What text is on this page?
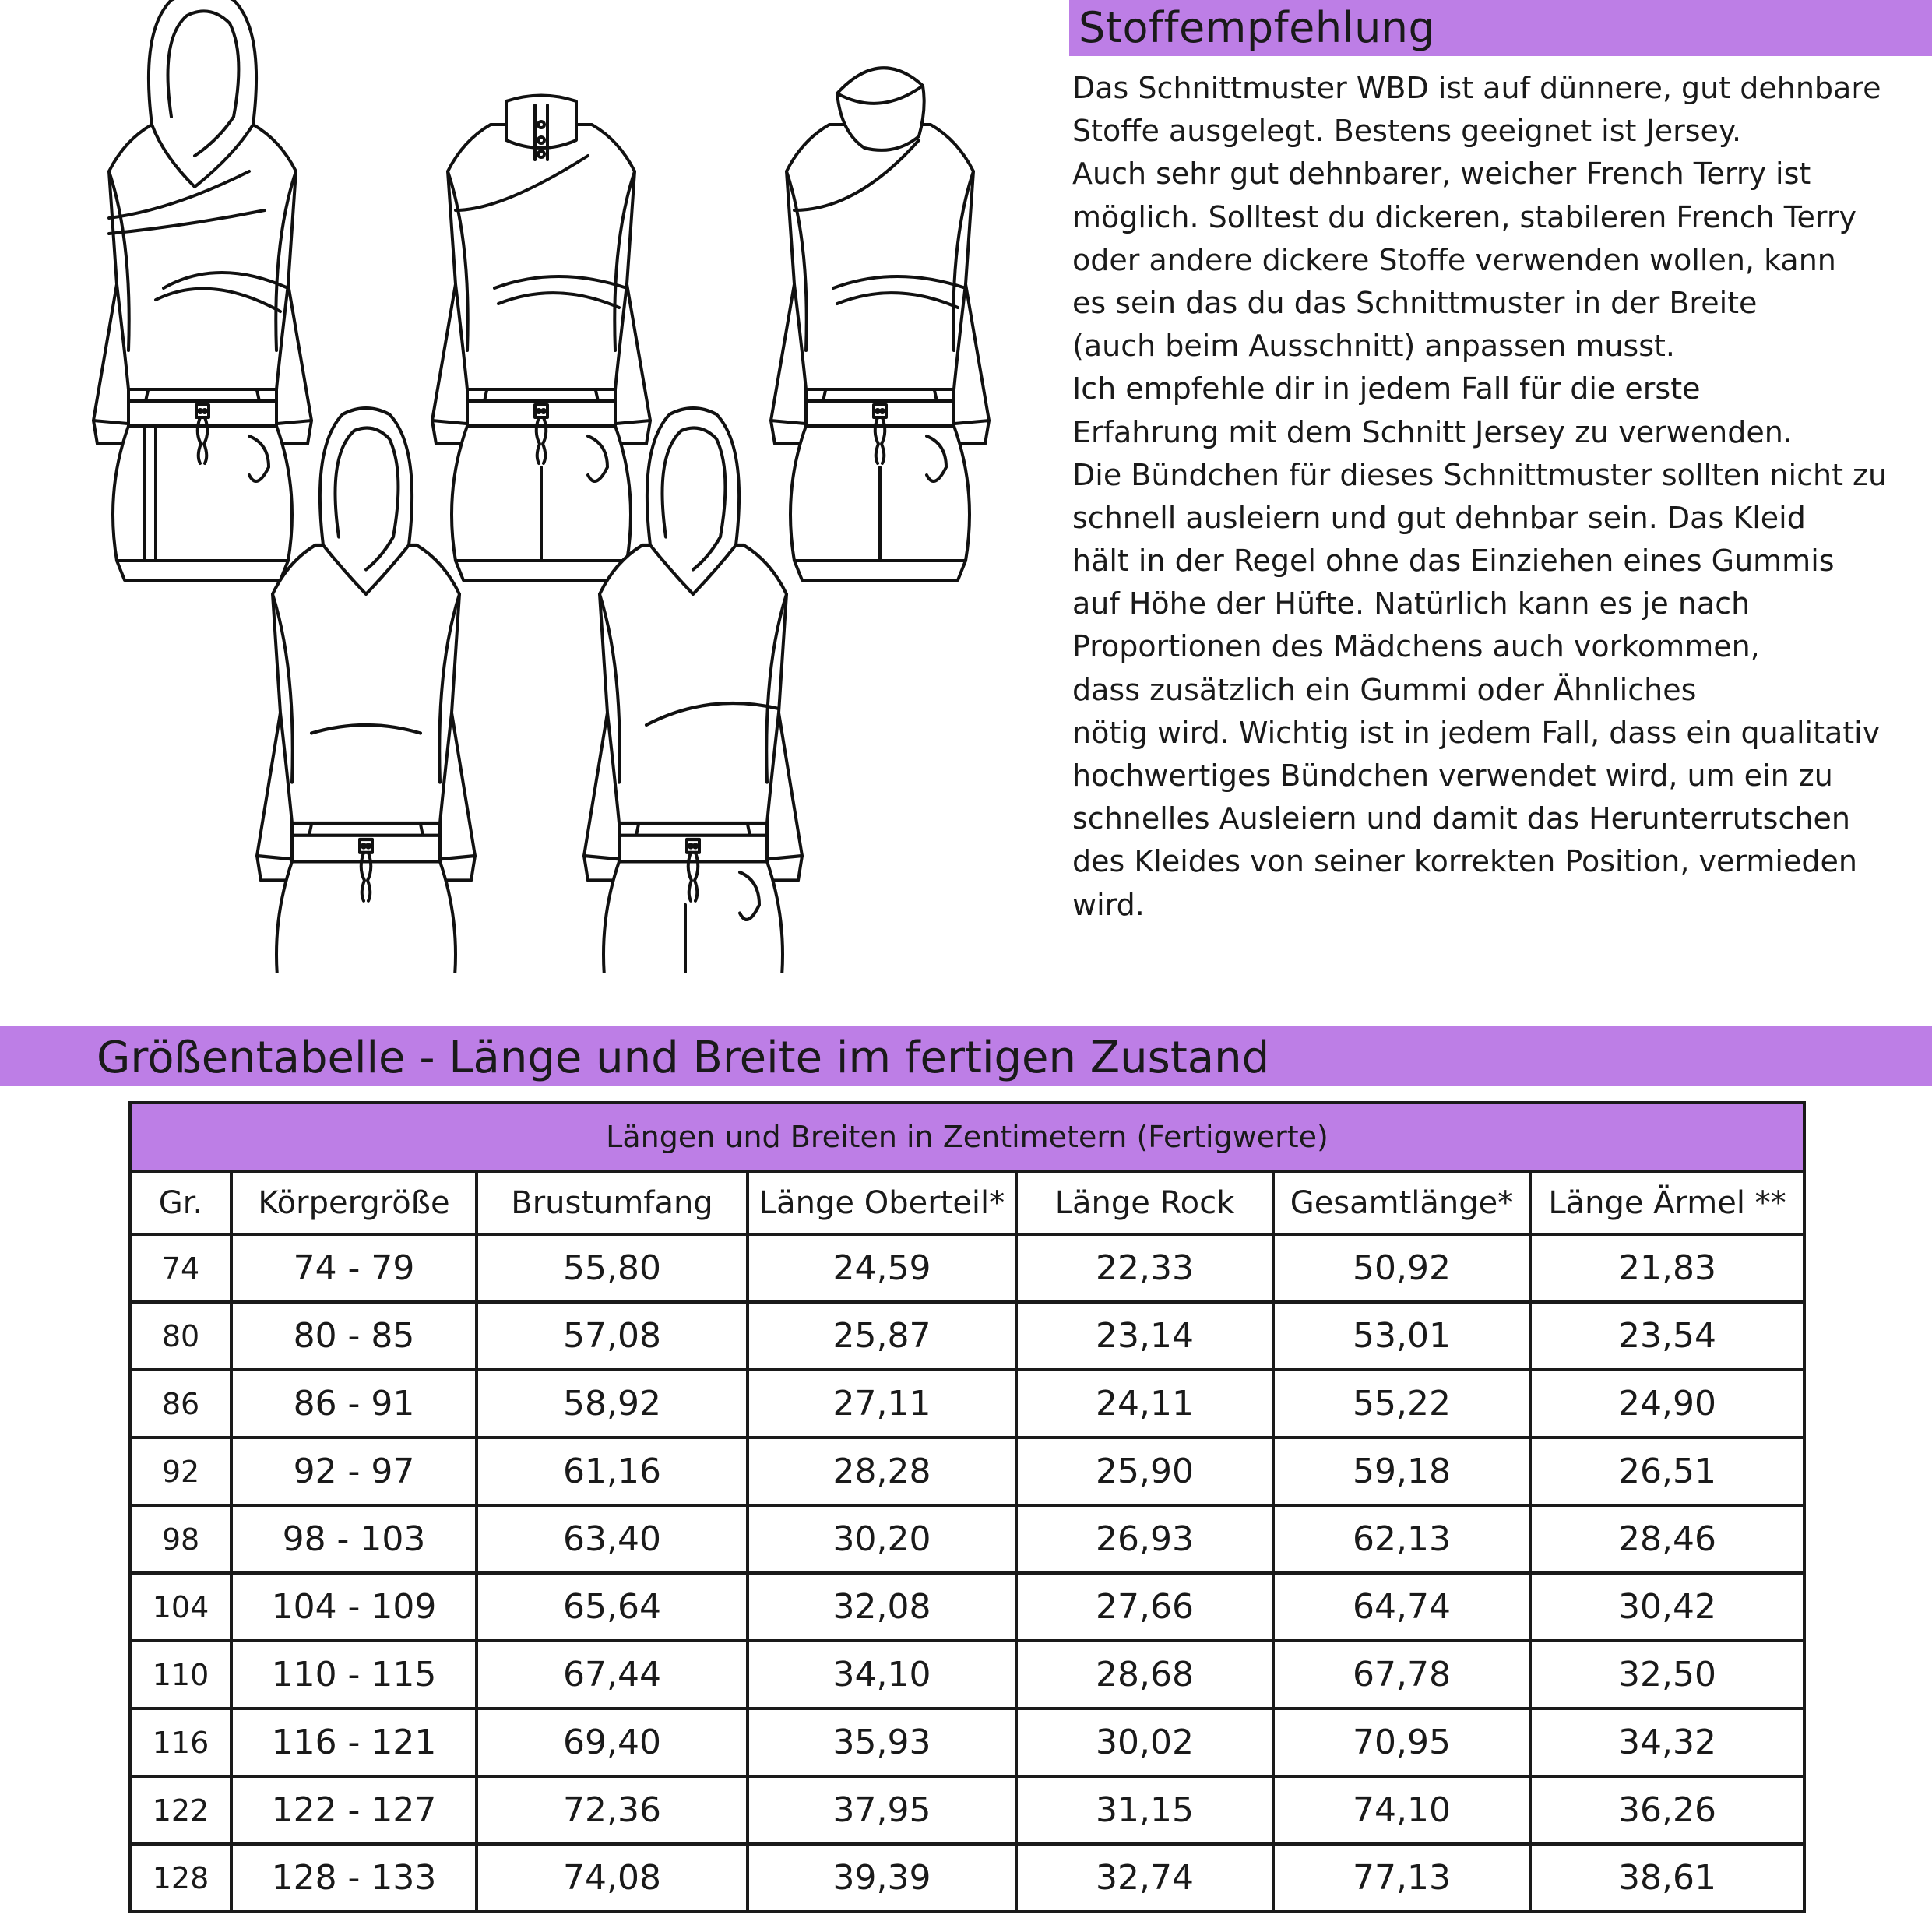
Stoffempfehlung
Das Schnittmuster WBD ist auf dünnere, gut dehnbare
Stoffe ausgelegt. Bestens geeignet ist Jersey.
Auch sehr gut dehnbarer, weicher French Terry ist
möglich. Solltest du dickeren, stabileren French Terry
oder andere dickere Stoffe verwenden wollen, kann
es sein das du das Schnittmuster in der Breite
(auch beim Ausschnitt) anpassen musst.
Ich empfehle dir in jedem Fall für die erste
Erfahrung mit dem Schnitt Jersey zu verwenden.
Die Bündchen für dieses Schnittmuster sollten nicht zu
schnell ausleiern und gut dehnbar sein. Das Kleid
hält in der Regel ohne das Einziehen eines Gummis
auf Höhe der Hüfte. Natürlich kann es je nach
Proportionen des Mädchens auch vorkommen,
dass zusätzlich ein Gummi oder Ähnliches
nötig wird. Wichtig ist in jedem Fall, dass ein qualitativ
hochwertiges Bündchen verwendet wird, um ein zu
schnelles Ausleiern und damit das Herunterrutschen
des Kleides von seiner korrekten Position, vermieden
wird.
Größentabelle - Länge und Breite im fertigen Zustand
Längen und Breiten in Zentimetern (Fertigwerte)						
Gr.	Körpergröße	Brustumfang	Länge Oberteil*	Länge Rock	Gesamtlänge*	Länge Ärmel **
74	74 - 79	55,80	24,59	22,33	50,92	21,83
80	80 - 85	57,08	25,87	23,14	53,01	23,54
86	86 - 91	58,92	27,11	24,11	55,22	24,90
92	92 - 97	61,16	28,28	25,90	59,18	26,51
98	98 - 103	63,40	30,20	26,93	62,13	28,46
104	104 - 109	65,64	32,08	27,66	64,74	30,42
110	110 - 115	67,44	34,10	28,68	67,78	32,50
116	116 - 121	69,40	35,93	30,02	70,95	34,32
122	122 - 127	72,36	37,95	31,15	74,10	36,26
128	128 - 133	74,08	39,39	32,74	77,13	38,61
